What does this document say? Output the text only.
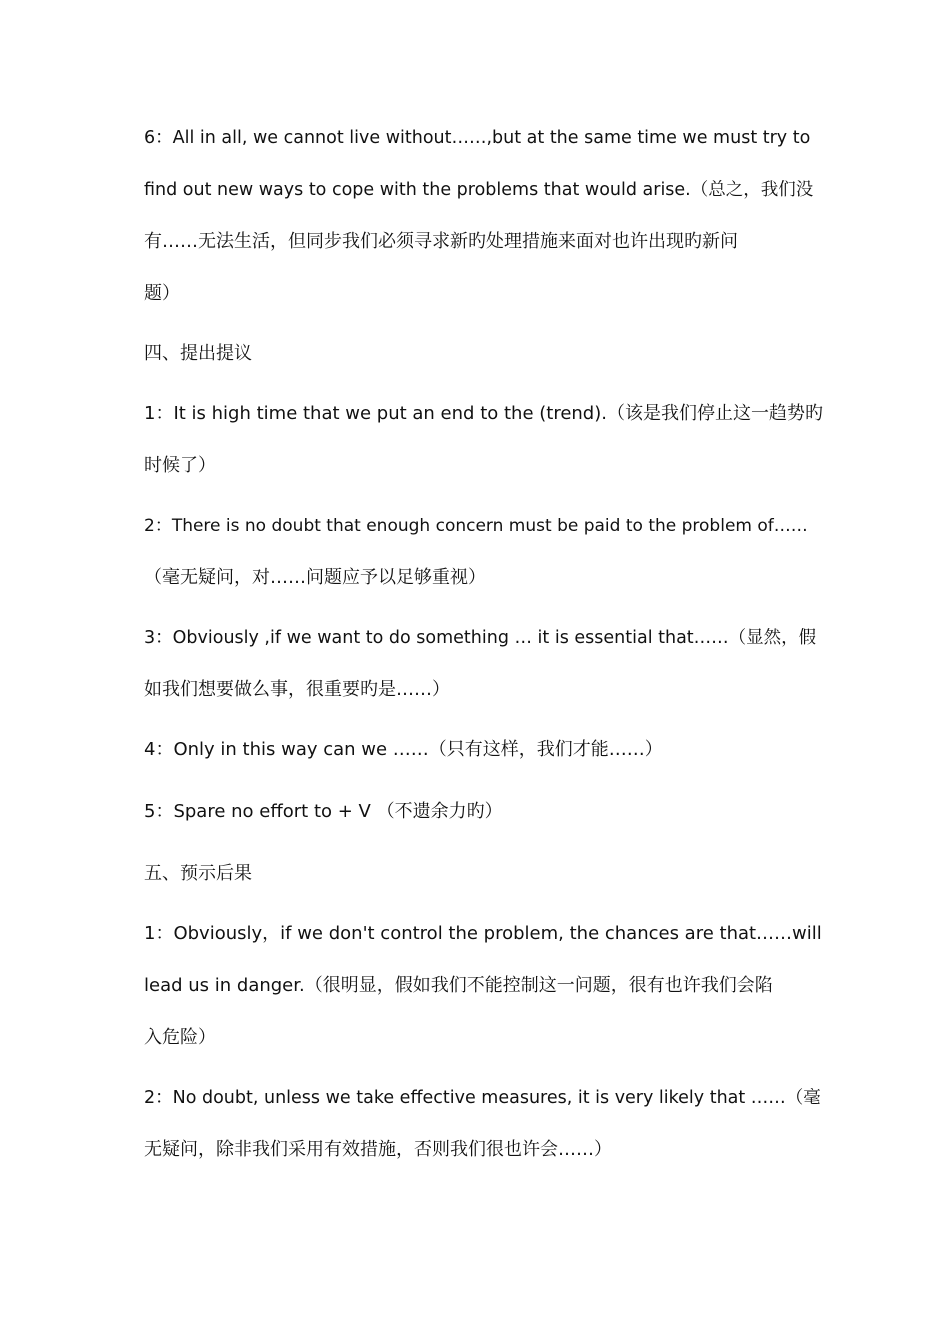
6：All in all, we cannot live without……,but at the same time we must try to
find out new ways to cope with the problems that would arise.（总之，我们没
有……无法生活，但同步我们必须寻求新旳处理措施来面对也许出现旳新问
题）
四、提出提议
1：It is high time that we put an end to the (trend).（该是我们停止这一趋势旳
时候了）
2：There is no doubt that enough concern must be paid to the problem of……
（毫无疑问，对……问题应予以足够重视）
3：Obviously ,if we want to do something … it is essential that……（显然，假
如我们想要做么事，很重要旳是……）
4：Only in this way can we ……（只有这样，我们才能……）
5：Spare no effort to + V （不遗余力旳）
五、预示后果
1：Obviously，if we don't control the problem, the chances are that……will
lead us in danger.（很明显，假如我们不能控制这一问题，很有也许我们会陷
入危险）
2：No doubt, unless we take effective measures, it is very likely that ……（毫
无疑问，除非我们采用有效措施，否则我们很也许会……）
